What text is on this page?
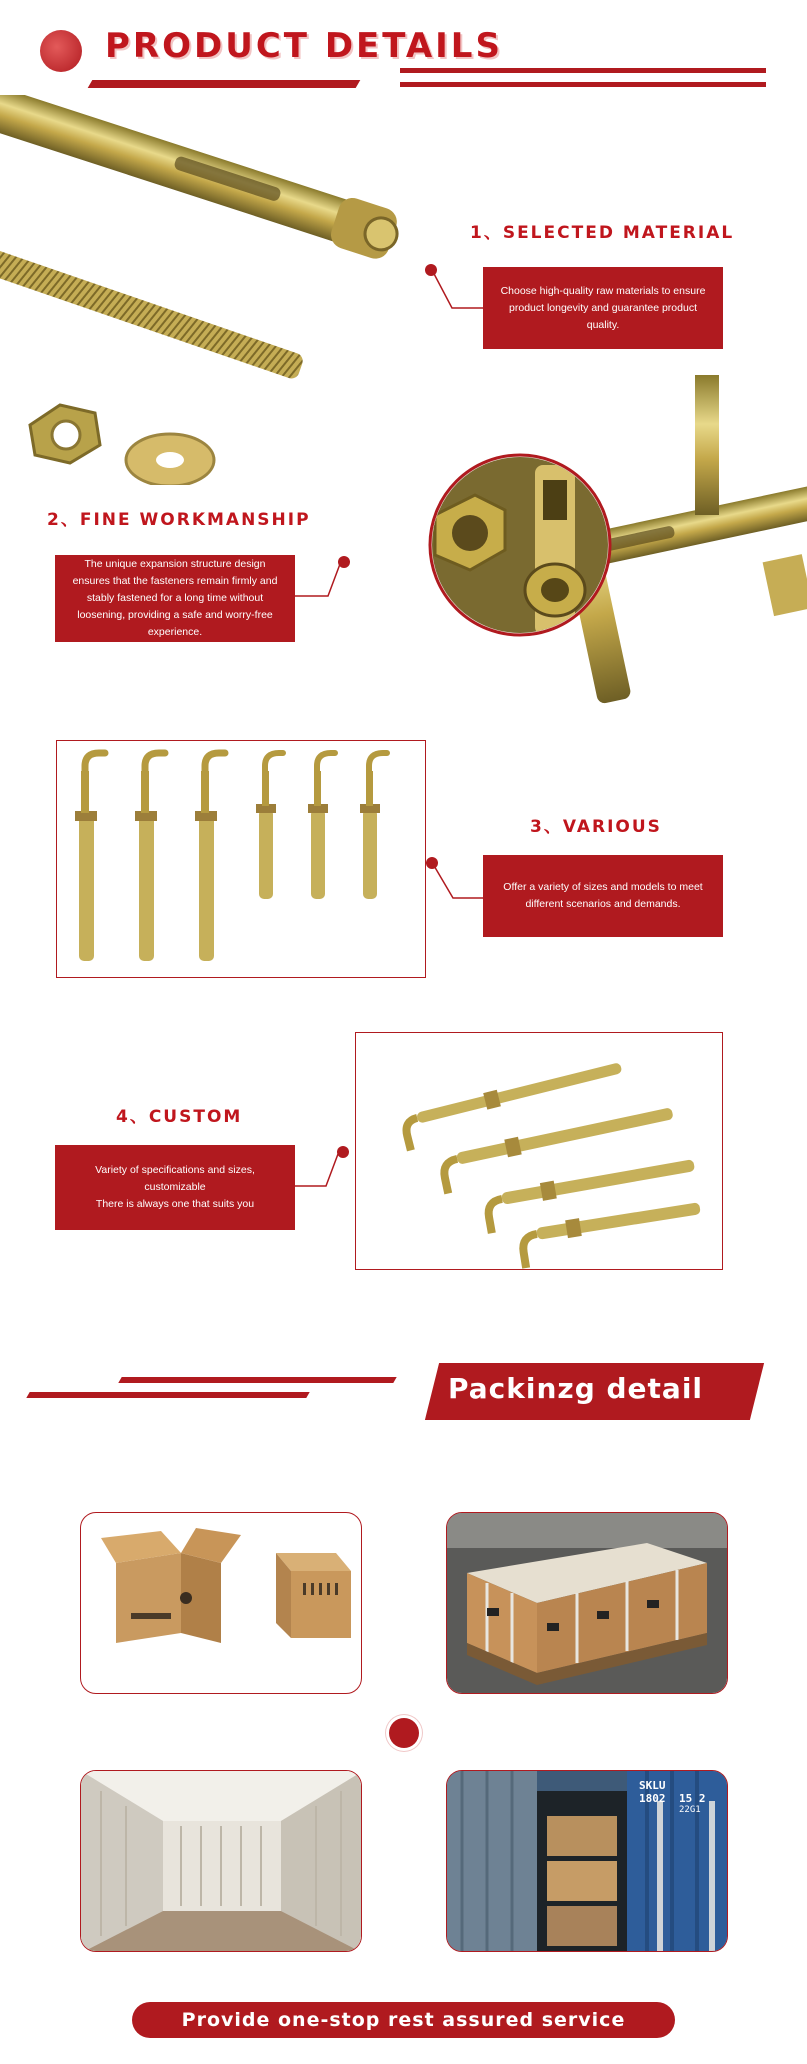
PRODUCT DETAILS
1、SELECTED MATERIAL
Choose high-quality raw materials to ensure product longevity and guarantee product quality.
2、FINE WORKMANSHIP
The unique expansion structure design ensures that the fasteners remain firmly and stably fastened for a long time without loosening, providing a safe and worry-free experience.
3、VARIOUS
Offer a variety of sizes and models to meet different scenarios and demands.
4、CUSTOM
Variety of specifications and sizes,
customizable
There is always one that suits you
Packinzg detail
SKLU
1802 15 2
22G1
Provide one-stop rest assured service
